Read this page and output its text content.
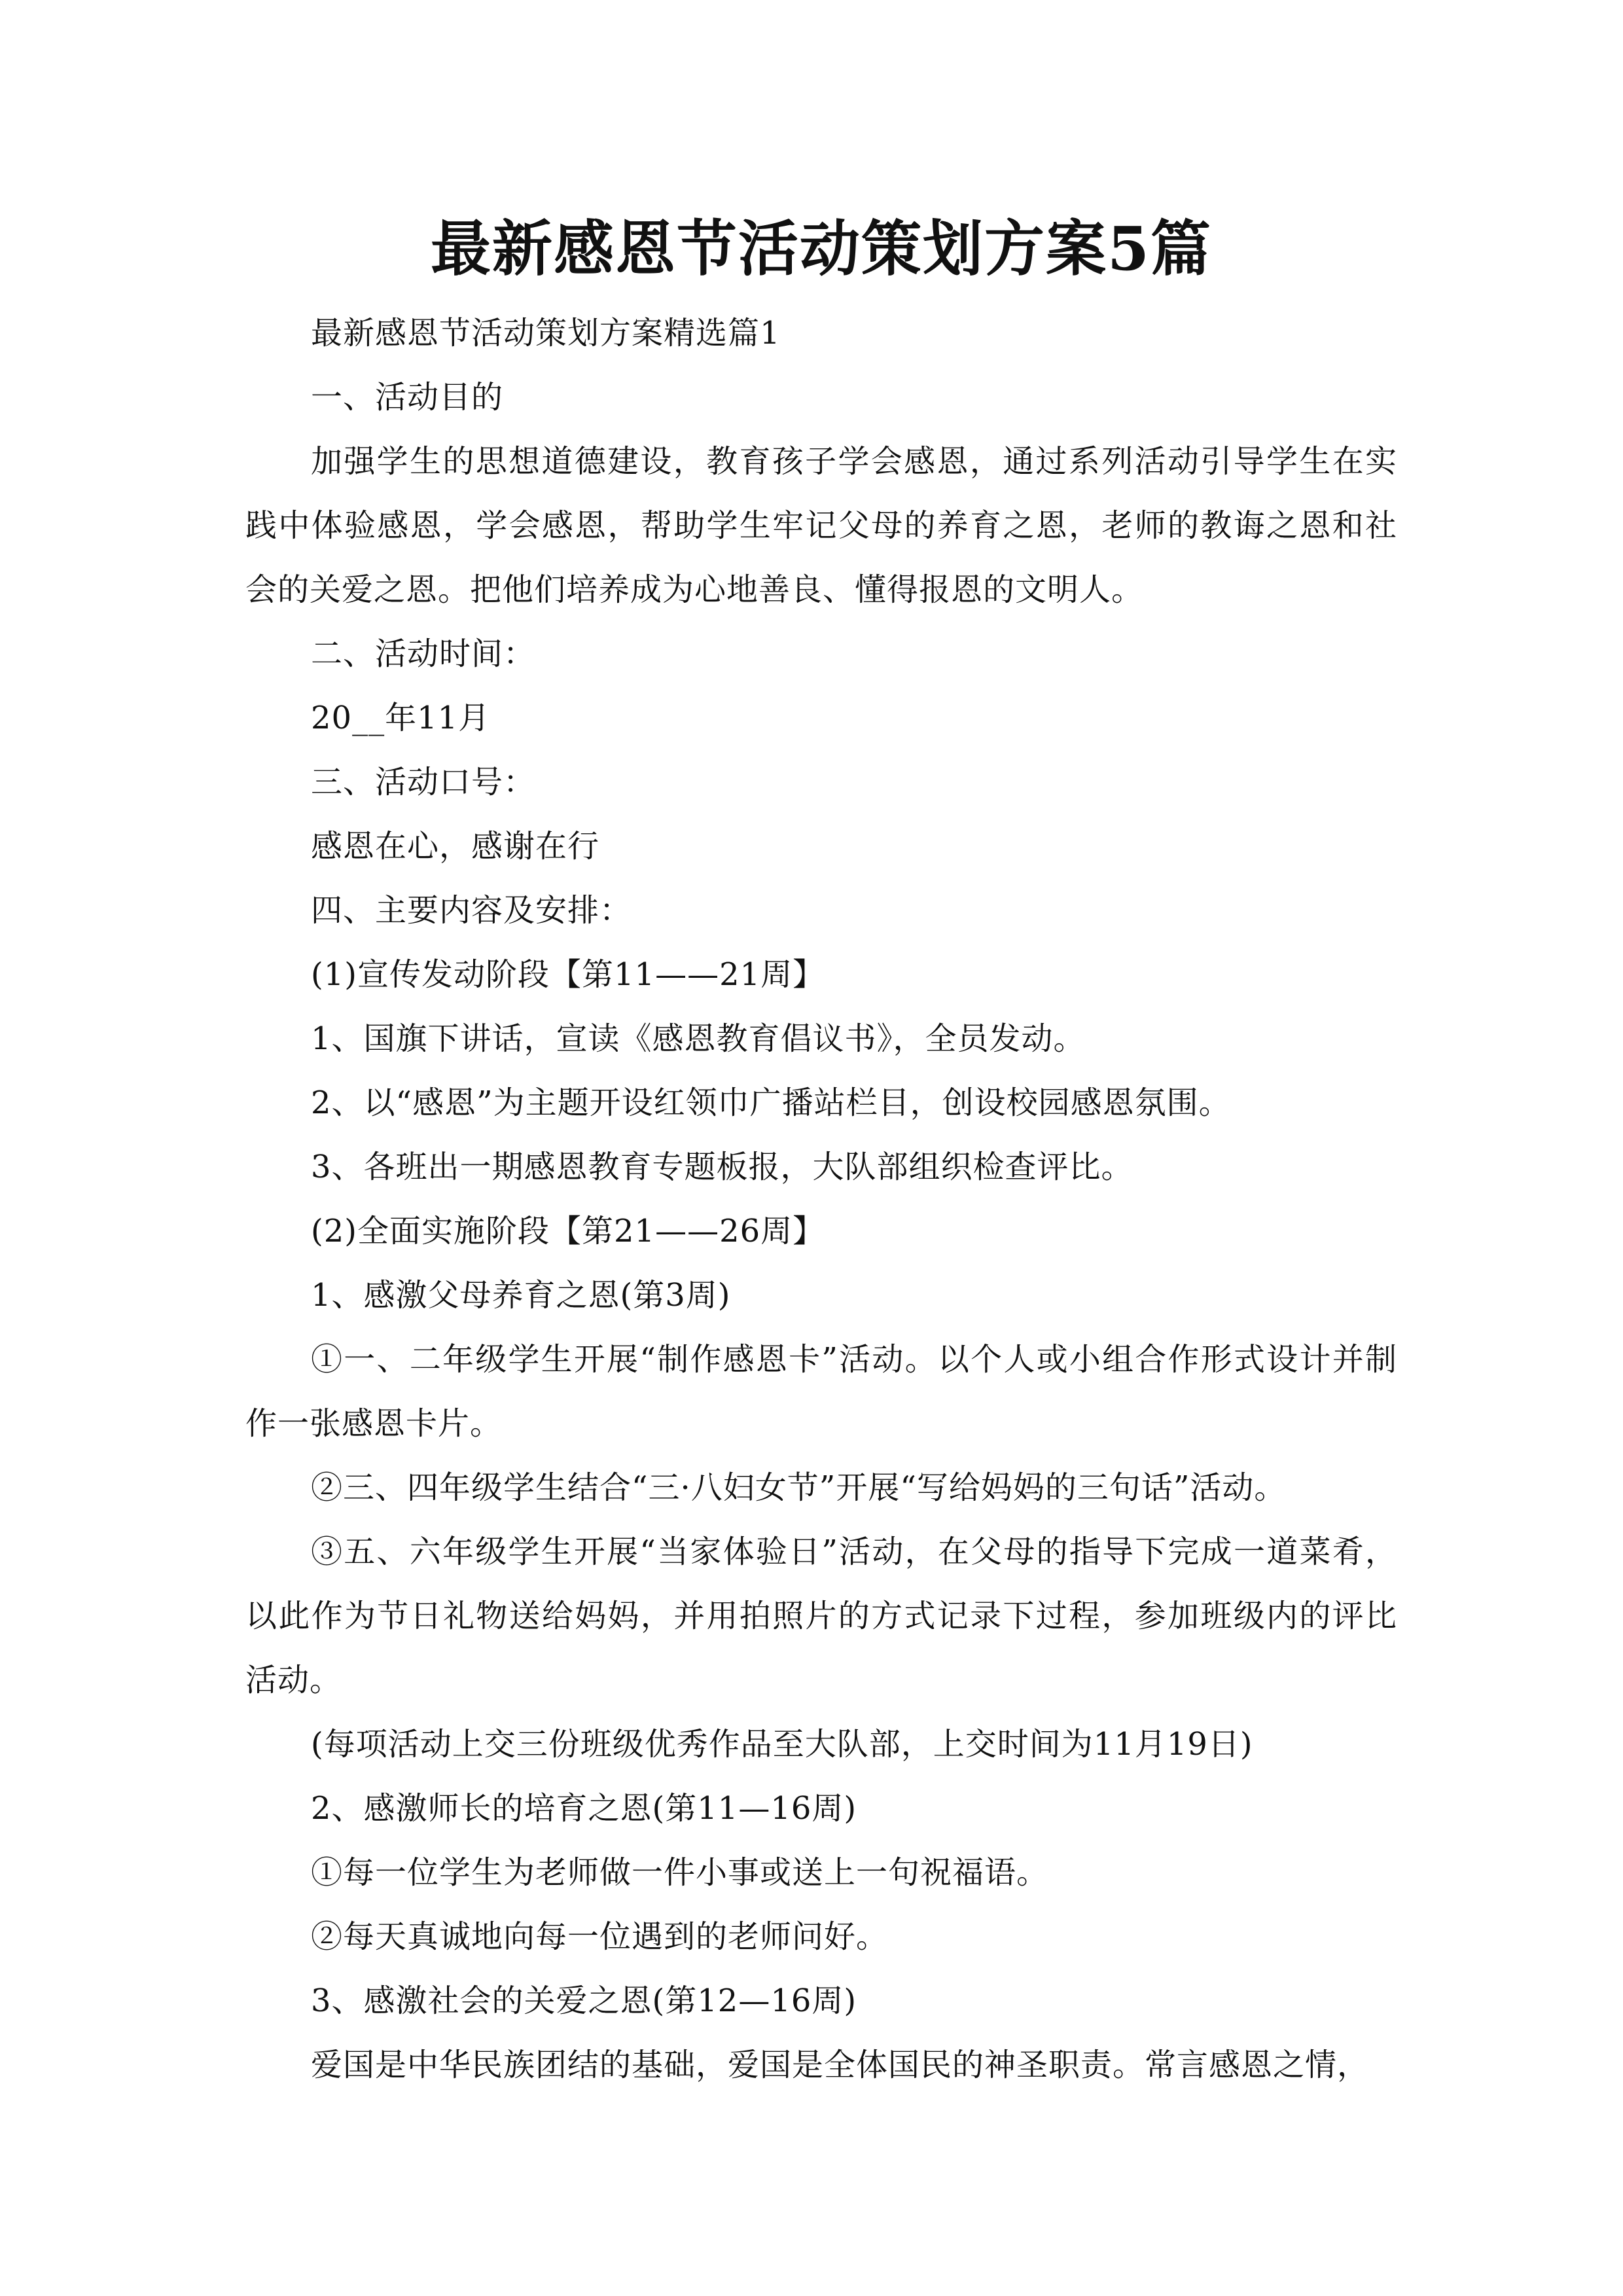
最新感恩节活动策划方案5篇

最新感恩节活动策划方案精选篇1

一、活动目的

加强学生的思想道德建设，教育孩子学会感恩，通过系列活动引导学生在实践中体验感恩，学会感恩，帮助学生牢记父母的养育之恩，老师的教诲之恩和社会的关爱之恩。把他们培养成为心地善良、懂得报恩的文明人。

二、活动时间：

20__年11月

三、活动口号：

感恩在心，感谢在行

四、主要内容及安排：

(1)宣传发动阶段【第11——21周】

1、国旗下讲话，宣读《感恩教育倡议书》，全员发动。

2、以“感恩”为主题开设红领巾广播站栏目，创设校园感恩氛围。

3、各班出一期感恩教育专题板报，大队部组织检查评比。

(2)全面实施阶段【第21——26周】

1、感激父母养育之恩(第3周)

①一、二年级学生开展“制作感恩卡”活动。以个人或小组合作形式设计并制作一张感恩卡片。

②三、四年级学生结合“三·八妇女节”开展“写给妈妈的三句话”活动。

③五、六年级学生开展“当家体验日”活动，在父母的指导下完成一道菜肴，以此作为节日礼物送给妈妈，并用拍照片的方式记录下过程，参加班级内的评比活动。

(每项活动上交三份班级优秀作品至大队部，上交时间为11月19日)

2、感激师长的培育之恩(第11—16周)

①每一位学生为老师做一件小事或送上一句祝福语。

②每天真诚地向每一位遇到的老师问好。

3、感激社会的关爱之恩(第12—16周)

爱国是中华民族团结的基础，爱国是全体国民的神圣职责。常言感恩之情，
